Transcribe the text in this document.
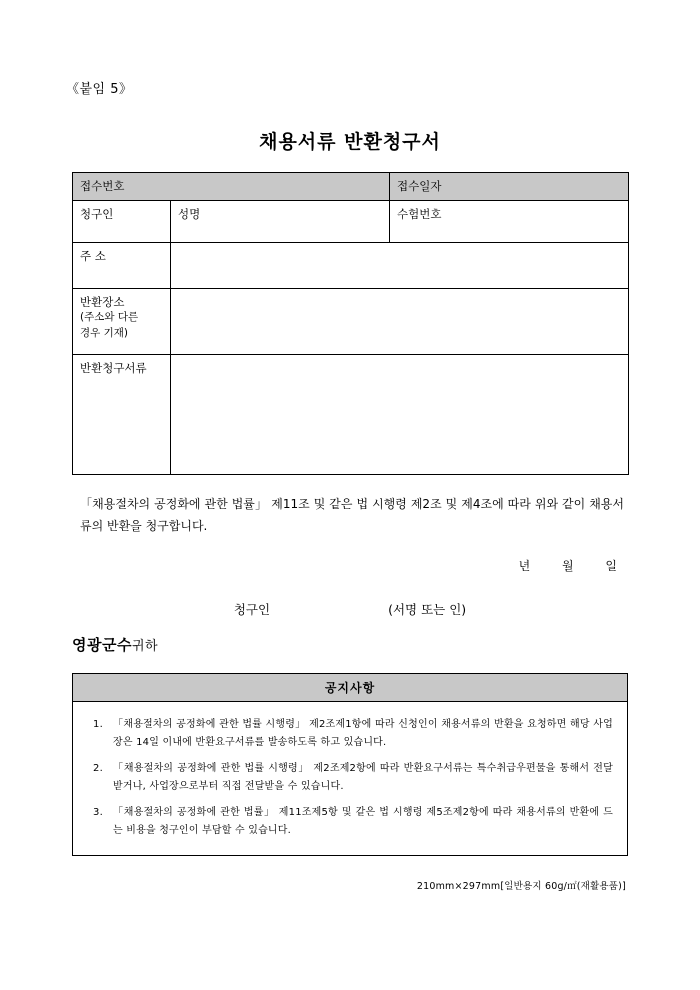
《붙임 5》
채용서류 반환청구서
접수번호		접수일자
청구인	성명	수험번호
주 소		

반환장소
(주소와 다른
경우 기재)		

반환청구서류		

「채용절차의 공정화에 관한 법률」 제11조 및 같은 법 시행령 제2조 및 제4조에 따라 위와 같이 채용서류의 반환을 청구합니다.

년	월	일
청구인	(서명 또는 인)
영광군수귀하
공지사항
「채용절차의 공정화에 관한 법률 시행령」 제2조제1항에 따라 신청인이 채용서류의 반환을 요청하면 해당 사업장은 14일 이내에 반환요구서류를 발송하도록 하고 있습니다.
「채용절차의 공정화에 관한 법률 시행령」 제2조제2항에 따라 반환요구서류는 특수취급우편물을 통해서 전달받거나, 사업장으로부터 직접 전달받을 수 있습니다.
「채용절차의 공정화에 관한 법률」 제11조제5항 및 같은 법 시행령 제5조제2항에 따라 채용서류의 반환에 드는 비용을 청구인이 부담할 수 있습니다.
210mm×297mm[일반용지 60g/㎡(재활용품)]
